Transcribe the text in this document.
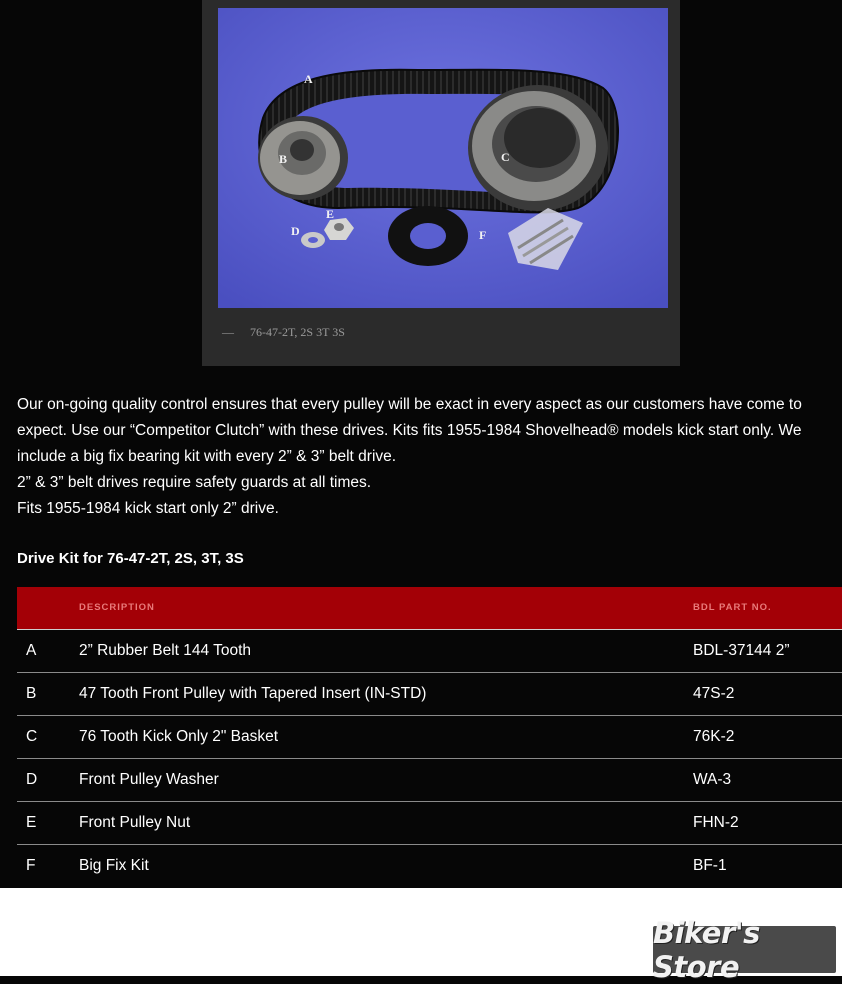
A
B	C
D
E
F
— 76-47-2T, 2S 3T 3S

Our on-going quality control ensures that every pulley will be exact in every aspect as our customers have come to expect. Use our “Competitor Clutch” with these drives. Kits fits 1955-1984 Shovelhead® models kick start only. We include a big fix bearing kit with every 2” & 3” belt drive.

2” & 3” belt drives require safety guards at all times.

Fits 1955-1984 kick start only 2” drive.

Drive Kit for 76-47-2T, 2S, 3T, 3S
	DESCRIPTION	BDL PART NO.
A	2” Rubber Belt 144 Tooth	BDL-37144 2”
B	47 Tooth Front Pulley with Tapered Insert (IN-STD)	47S-2
C	76 Tooth Kick Only 2" Basket	76K-2
D	Front Pulley Washer	WA-3
E	Front Pulley Nut	FHN-2
F	Big Fix Kit	BF-1
Biker's Store
